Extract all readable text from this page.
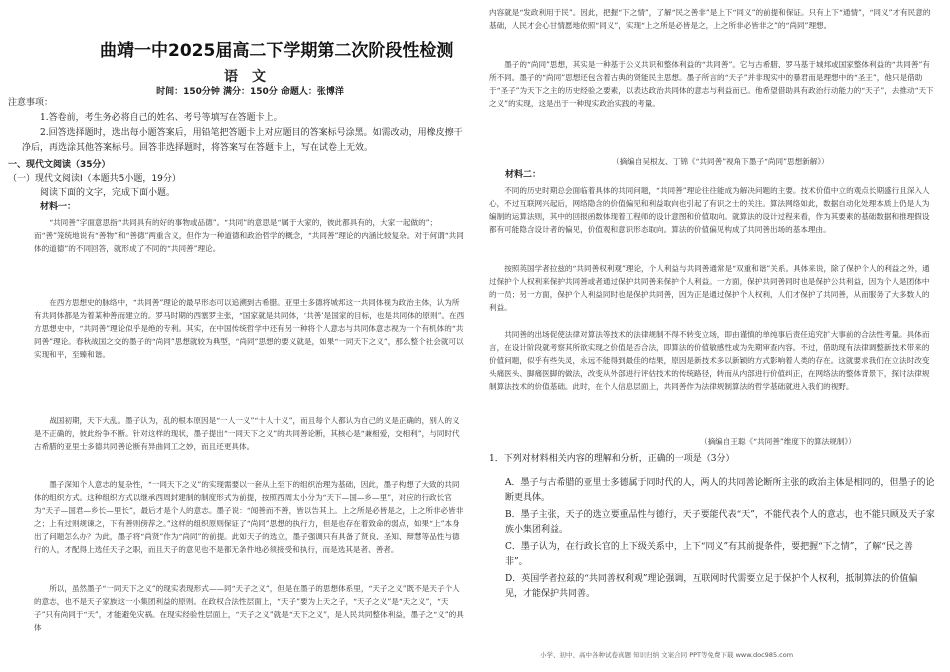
曲靖一中2025届高二下学期第二次阶段性检测
语文
时间：150分钟 满分：150分 命题人：张博洋

注意事项：

1.答卷前，考生务必将自己的姓名、考号等填写在答题卡上。

2.回答选择题时，选出每小题答案后，用铅笔把答题卡上对应题目的答案标号涂黑。如需改动，用橡皮擦干净后，再选涂其他答案标号。回答非选择题时，将答案写在答题卡上，写在试卷上无效。

一、现代文阅读（35分）

（一）现代文阅读Ⅰ（本题共5小题，19分）

阅读下面的文字，完成下面小题。

材料一：

“共同善”字面意思指“共同具有的好的事物或品德”。“共同”的意思是“属于大家的，彼此都具有的，大家一起做的”；而“善”笼统地说有“善物”和“善德”两重含义，但作为一种道德和政治哲学的概念，“共同善”理论的内涵比较复杂。对于何谓“共同体的道德”的不同回答，就形成了不同的“共同善”理论。

在西方思想史的脉络中，“共同善”理论的最早形态可以追溯到古希腊。亚里士多德将城邦这一共同体视为政治主体，认为所有共同体都是为着某种善而建立的。罗马时期的西塞罗主张，“国家就是共同体，‘共善’是国家的目标，也是共同体的原则”。在西方思想史中，“共同善”理论似乎是绝的专利。其实，在中国传统哲学中还有另一种将个人意志与共同体意志视为一个有机体的“共同善”理论。春秋战国之交的墨子的“尚同”思想就较为典型，“尚同”思想的要义就是，如果“一同天下之义”，那么整个社会就可以实现和平，至臻和谐。

战国初期，天下大乱。墨子认为，乱的根本原因是“一人一义”“十人十义”，而且每个人都认为自己的义是正确的，别人的义是不正确的，彼此纷争不断。针对这样的现状，墨子提出“一同天下之义”的共同善论断，其核心是“兼相爱，交相利”，与同时代古希腊的亚里士多德共同善论断有异曲同工之妙，而且还更具体。

墨子深知个人意志的复杂性，“一同天下之义”的实现需要以一套从上至下的组织治理为基础，因此，墨子构想了大致的共同体的组织方式。这种组织方式以继承西周封建制的制度形式为前提，按照西周太小分为“天下—国—乡—里”，对应的行政长官为“天子—国君—乡长—里长”，最后才是个人的意志。墨子说：“闻善而不善，皆以告其上。上之所是必皆是之，上之所非必皆非之；上有过则规谏之，下有善则傍荐之。”这样的组织原则保证了“尚同”思想的执行力，但是也存在着致命的弱点，如果“上”本身出了问题怎么办？为此，墨子将“尚贤”作为“尚同”的前提。此如天子的选立，墨子强调只有具备了贤良、圣知、辩慧等品性与德行的人，才配得上选任天子之职，而且天子的意见也不是都无条件地必须接受和执行，而是选其是者、善者。

所以，虽然墨子“一同天下之义”的现实表现形式——同“天子之义”，但是在墨子的思想体系里，“天子之义”既不是天子个人的意志，也不是天子家族这一小集团利益的原则。在政权合法性层面上，“天子”要为上天之子，“天子之义”是“天之义”，“天子”只有尚同于“天”，才能避免灾祸。在现实经验性层面上，“天子之义”就是“天下之义”，是人民共同整体利益，墨子之“义”的具体

内容就是“发政利用于民”。因此，把握“下之情”，了解“民之善非”是上下“同义”的前提和保证。只有上下“通情”，“同义”才有民意的基础，人民才会心甘情愿地依照“同义”，实现“上之所是必皆是之，上之所非必皆非之”的“尚同”理想。

墨子的“尚同”思想，其实是一种基于公义共识和整体利益的“共同善”。它与古希腊、罗马基于城邦或国家整体利益的“共同善”有所不同。墨子的“尚同”思想还包含着古典的贤能民主思想。墨子所言的“天子”并非现实中的暴君而是理想中的“圣王”，他只是借助于“圣子”为天下之主的历史经验之要素，以表达政治共同体的意志与利益而已。他希望借助具有政治行动能力的“天子”，去推动“天下之义”的实现，这是出于一种现实政治实践的考量。

（摘编自吴根友、丁锦《“共同善”视角下墨子“尚同”思想新解》）

材料二：

不同的历史时期总会面临着具体的共同问题，“共同善”理论往往能成为解决问题的主要。技术价值中立的观点长期盛行且深入人心，不过互联网兴起后，网络隐含的价值偏见和利益取向也引起了有识之士的关注。算法网络如此，数据自动化处理本质上仍是人为编制的运算法则，其中的回报函数体现着工程师的设计意图和价值取向。就算法的设计过程来看，作为其要素的基础数据和推理假设都有可能隐含设计者的偏见，价值观和意识形态取向。算法的价值偏见构成了共同善出场的基本理由。

按照英国学者拉兹的“共同善权利观”理论，个人利益与共同善通常是“双重和谐”关系。具体来说，除了保护个人的利益之外，通过保护个人权利来保护共同善或者通过保护共同善来保护个人利益。一方面，保护共同善同时也是保护公共利益，因为个人是团体中的一员；另一方面，保护个人利益同时也是保护共同善，因为正是通过保护个人权利，人们才保护了共同善，从而服务了大多数人的利益。

共同善的出场促使法律对算法等技术的法律规制不得不转变立场，即由谨慎的单纯事后责任追究扩大事前的合法性考量。具体而言，在设计阶段就考察其所欲实现之价值是否合法，即算法的价值敏感性或为先期审查内容。不过，借助现有法律调整新技术带来的价值问题，似乎有些失灵，永远不能得到最佳的结果，原因是新技术多以新颖的方式影响着人类的存在。这就要求我们在立法时改变头痛医头、脚痛医脚的做法，改变从外部进行评估技术的传统路径，转而从内部进行价值纠正，在网络法的整体背景下，探讨法律规制算法技术的价值基础。此时，在个人信息层面上，共同善作为法律规制算法的哲学基础就进入我们的视野。

（摘编自王聪《“共同善”维度下的算法规制》）

1．下列对材料相关内容的理解和分析，正确的一项是（3分）

A．墨子与古希腊的亚里士多德属于同时代的人，两人的共同善论断所主张的政治主体是相同的，但墨子的论断更具体。

B．墨子主张，天子的选立要重品性与德行，天子要能代表“天”，不能代表个人的意志，也不能只顾及天子家族小集团利益。

C．墨子认为，在行政长官的上下级关系中，上下“同义”有其前提条件，要把握“下之情”，了解“民之善非”。

D．英国学者拉兹的“共同善权利观”理论强调，互联网时代需要立足于保护个人权利，抵制算法的价值偏见，才能保护共同善。

小学、初中、高中各种试卷真题 知识归纳 文案合同 PPT等免费下载 www.doc985.com
